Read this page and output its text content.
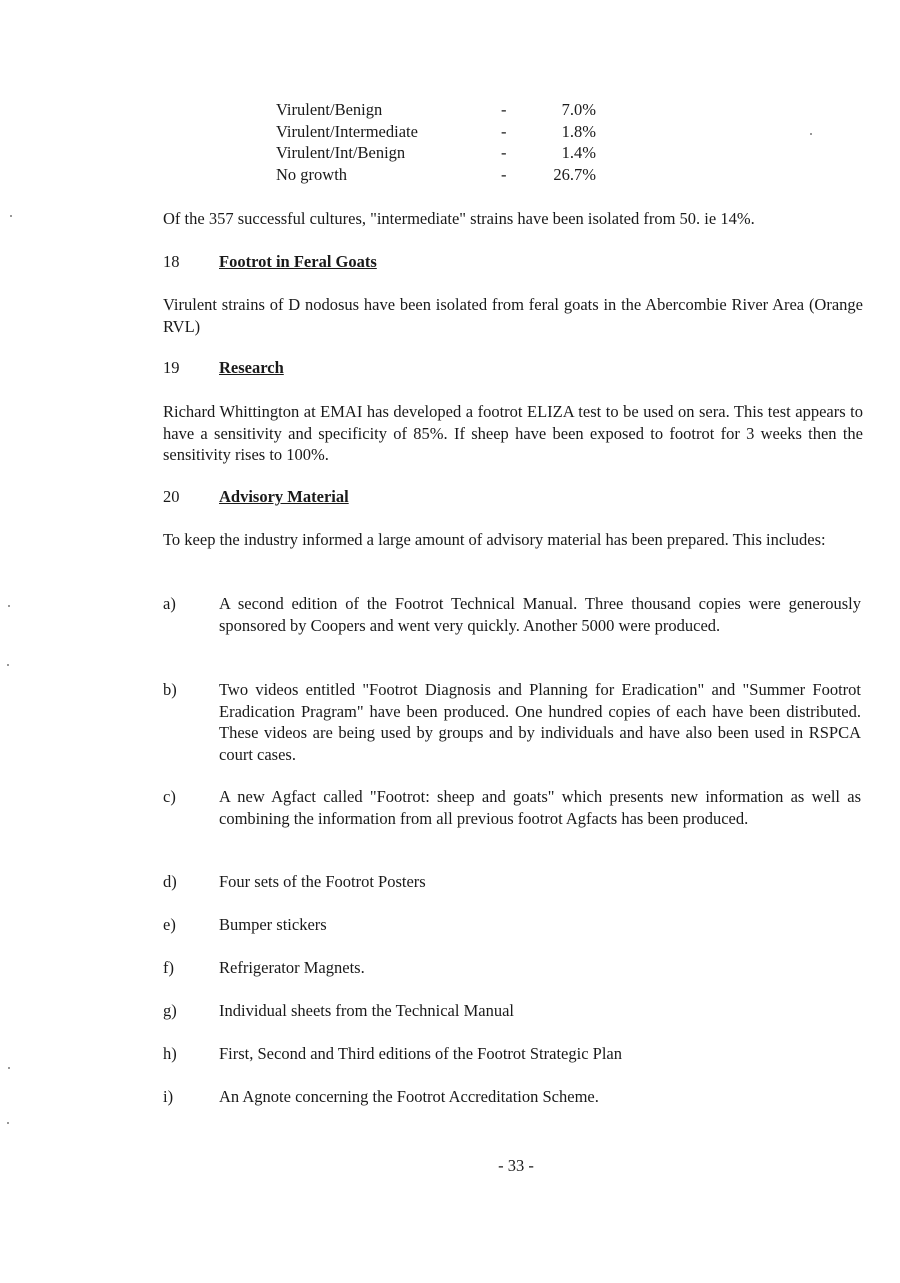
Virulent/Benign	-	7.0%
Virulent/Intermediate	-	1.8%
Virulent/Int/Benign	-	1.4%
No growth	-	26.7%
Of the 357 successful cultures, "intermediate" strains have been isolated from 50. ie 14%.
18 Footrot in Feral Goats
Virulent strains of D nodosus have been isolated from feral goats in the Abercombie River Area (Orange RVL)
19 Research
Richard Whittington at EMAI has developed a footrot ELIZA test to be used on sera. This test appears to have a sensitivity and specificity of 85%. If sheep have been exposed to footrot for 3 weeks then the sensitivity rises to 100%.
20 Advisory Material
To keep the industry informed a large amount of advisory material has been prepared. This includes:
a)	A second edition of the Footrot Technical Manual. Three thousand copies were generously sponsored by Coopers and went very quickly. Another 5000 were produced.
b)	Two videos entitled "Footrot Diagnosis and Planning for Eradication" and "Summer Footrot Eradication Pragram" have been produced. One hundred copies of each have been distributed. These videos are being used by groups and by individuals and have also been used in RSPCA court cases.
c)	A new Agfact called "Footrot: sheep and goats" which presents new information as well as combining the information from all previous footrot Agfacts has been produced.
d)	Four sets of the Footrot Posters
e)	Bumper stickers
f)	Refrigerator Magnets.
g)	Individual sheets from the Technical Manual
h)	First, Second and Third editions of the Footrot Strategic Plan
i)	An Agnote concerning the Footrot Accreditation Scheme.
- 33 -
